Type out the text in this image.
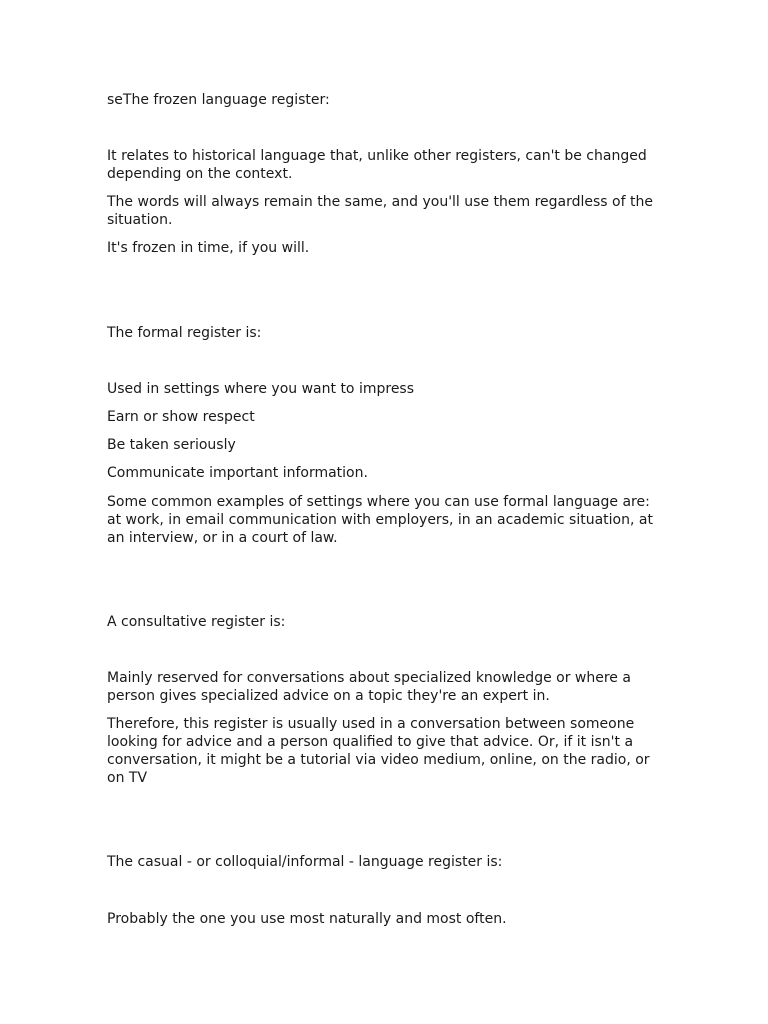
seThe frozen language register:

It relates to historical language that, unlike other registers, can't be changed depending on the context.

The words will always remain the same, and you'll use them regardless of the situation.

It's frozen in time, if you will.

The formal register is:

Used in settings where you want to impress

Earn or show respect

Be taken seriously

Communicate important information.

Some common examples of settings where you can use formal language are: at work, in email communication with employers, in an academic situation, at an interview, or in a court of law.

A consultative register is:

Mainly reserved for conversations about specialized knowledge or where a person gives specialized advice on a topic they're an expert in.

Therefore, this register is usually used in a conversation between someone looking for advice and a person qualified to give that advice. Or, if it isn't a conversation, it might be a tutorial via video medium, online, on the radio, or on TV

The casual - or colloquial/informal - language register is:

Probably the one you use most naturally and most often.
